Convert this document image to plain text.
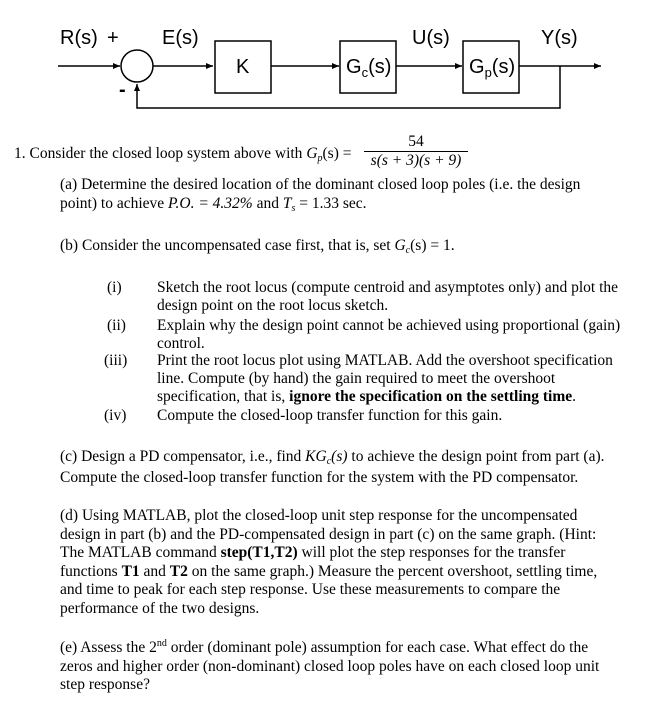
R(s) + E(s)	U(s)	Y(s)
-
K	$G_c(s)$	$G_p(s)$
1. Consider the closed loop system above with $G_p(s)$ =
54
s(s + 3)(s + 9)
(a) Determine the desired location of the dominant closed loop poles (i.e. the design
point) to achieve P.O. = 4.32% and $T_s = 1.33$ sec.
(b) Consider the uncompensated case first, that is, set $G_c(s) = 1$.
(i) Sketch the root locus (compute centroid and asymptotes only) and plot the
design point on the root locus sketch.
(ii) Explain why the design point cannot be achieved using proportional (gain)
control.
(iii) Print the root locus plot using MATLAB. Add the overshoot specification
line. Compute (by hand) the gain required to meet the overshoot
specification, that is, ignore the specification on the settling time.
(iv) Compute the closed-loop transfer function for this gain.
(c) Design a PD compensator, i.e., find $KG_c(s)$ to achieve the design point from part (a).
Compute the closed-loop transfer function for the system with the PD compensator.
(d) Using MATLAB, plot the closed-loop unit step response for the uncompensated
design in part (b) and the PD-compensated design in part (c) on the same graph. (Hint:
The MATLAB command step(T1,T2) will plot the step responses for the transfer
functions T1 and T2 on the same graph.) Measure the percent overshoot, settling time,
and time to peak for each step response. Use these measurements to compare the
performance of the two designs.
(e) Assess the 2nd order (dominant pole) assumption for each case. What effect do the
zeros and higher order (non-dominant) closed loop poles have on each closed loop unit
step response?
